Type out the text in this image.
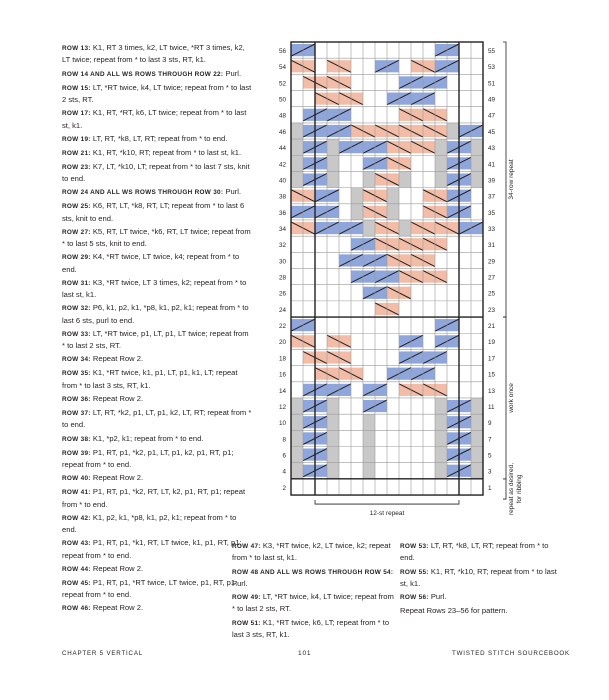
ROW 13: K1, RT 3 times, k2, LT twice, *RT 3 times, k2, LT twice; repeat from * to last 3 sts, RT, k1.

ROW 14 AND ALL WS ROWS THROUGH ROW 22: Purl.

ROW 15: LT, *RT twice, k4, LT twice; repeat from * to last 2 sts, RT.

ROW 17: K1, RT, *RT, k6, LT twice; repeat from * to last st, k1.

ROW 19: LT, RT, *k8, LT, RT; repeat from * to end.

ROW 21: K1, RT, *k10, RT; repeat from * to last st, k1.

ROW 23: K7, LT, *k10, LT; repeat from * to last 7 sts, knit to end.

ROW 24 AND ALL WS ROWS THROUGH ROW 30: Purl.

ROW 25: K6, RT, LT, *k8, RT, LT; repeat from * to last 6 sts, knit to end.

ROW 27: K5, RT, LT twice, *k6, RT, LT twice; repeat from * to last 5 sts, knit to end.

ROW 29: K4, *RT twice, LT twice, k4; repeat from * to end.

ROW 31: K3, *RT twice, LT 3 times, k2; repeat from * to last st, k1.

ROW 32: P6, k1, p2, k1, *p8, k1, p2, k1; repeat from * to last 6 sts, purl to end.

ROW 33: LT, *RT twice, p1, LT, p1, LT twice; repeat from * to last 2 sts, RT.

ROW 34: Repeat Row 2.

ROW 35: K1, *RT twice, k1, p1, LT, p1, k1, LT; repeat from * to last 3 sts, RT, k1.

ROW 36: Repeat Row 2.

ROW 37: LT, RT, *k2, p1, LT, p1, k2, LT, RT; repeat from * to end.

ROW 38: K1, *p2, k1; repeat from * to end.

ROW 39: P1, RT, p1, *k2, p1, LT, p1, k2, p1, RT, p1; repeat from * to end.

ROW 40: Repeat Row 2.

ROW 41: P1, RT, p1, *k2, RT, LT, k2, p1, RT, p1; repeat from * to end.

ROW 42: K1, p2, k1, *p8, k1, p2, k1; repeat from * to end.

ROW 43: P1, RT, p1, *k1, RT, LT twice, k1, p1, RT, p1; repeat from * to end.

ROW 44: Repeat Row 2.

ROW 45: P1, RT, p1, *RT twice, LT twice, p1, RT, p1; repeat from * to end.

ROW 46: Repeat Row 2.

ROW 47: K3, *RT twice, k2, LT twice, k2; repeat from * to last st, k1.

ROW 48 AND ALL WS ROWS THROUGH ROW 54: Purl.

ROW 49: LT, *RT twice, k4, LT twice; repeat from * to last 2 sts, RT.

ROW 51: K1, *RT twice, k6, LT; repeat from * to last 3 sts, RT, k1.

ROW 53: LT, RT, *k8, LT, RT; repeat from * to end.

ROW 55: K1, RT, *k10, RT; repeat from * to last st, k1.

ROW 56: Purl.

Repeat Rows 23–56 for pattern.

56
54
52
50
48
46
44
42
40
38
36
34
32
30
28
26
24
22
20
18
16
14
12
10
8
6
4
2
55
53
51
49
47
45
43
41
39
37
35
33
31
29
27
25
23
21
19
17
15
13
11
9
7
5
3
1
12-st repeat
34-row repeat
work once
repeat as desired,for ribbing
CHAPTER 5 VERTICAL	101	TWISTED STITCH SOURCEBOOK
